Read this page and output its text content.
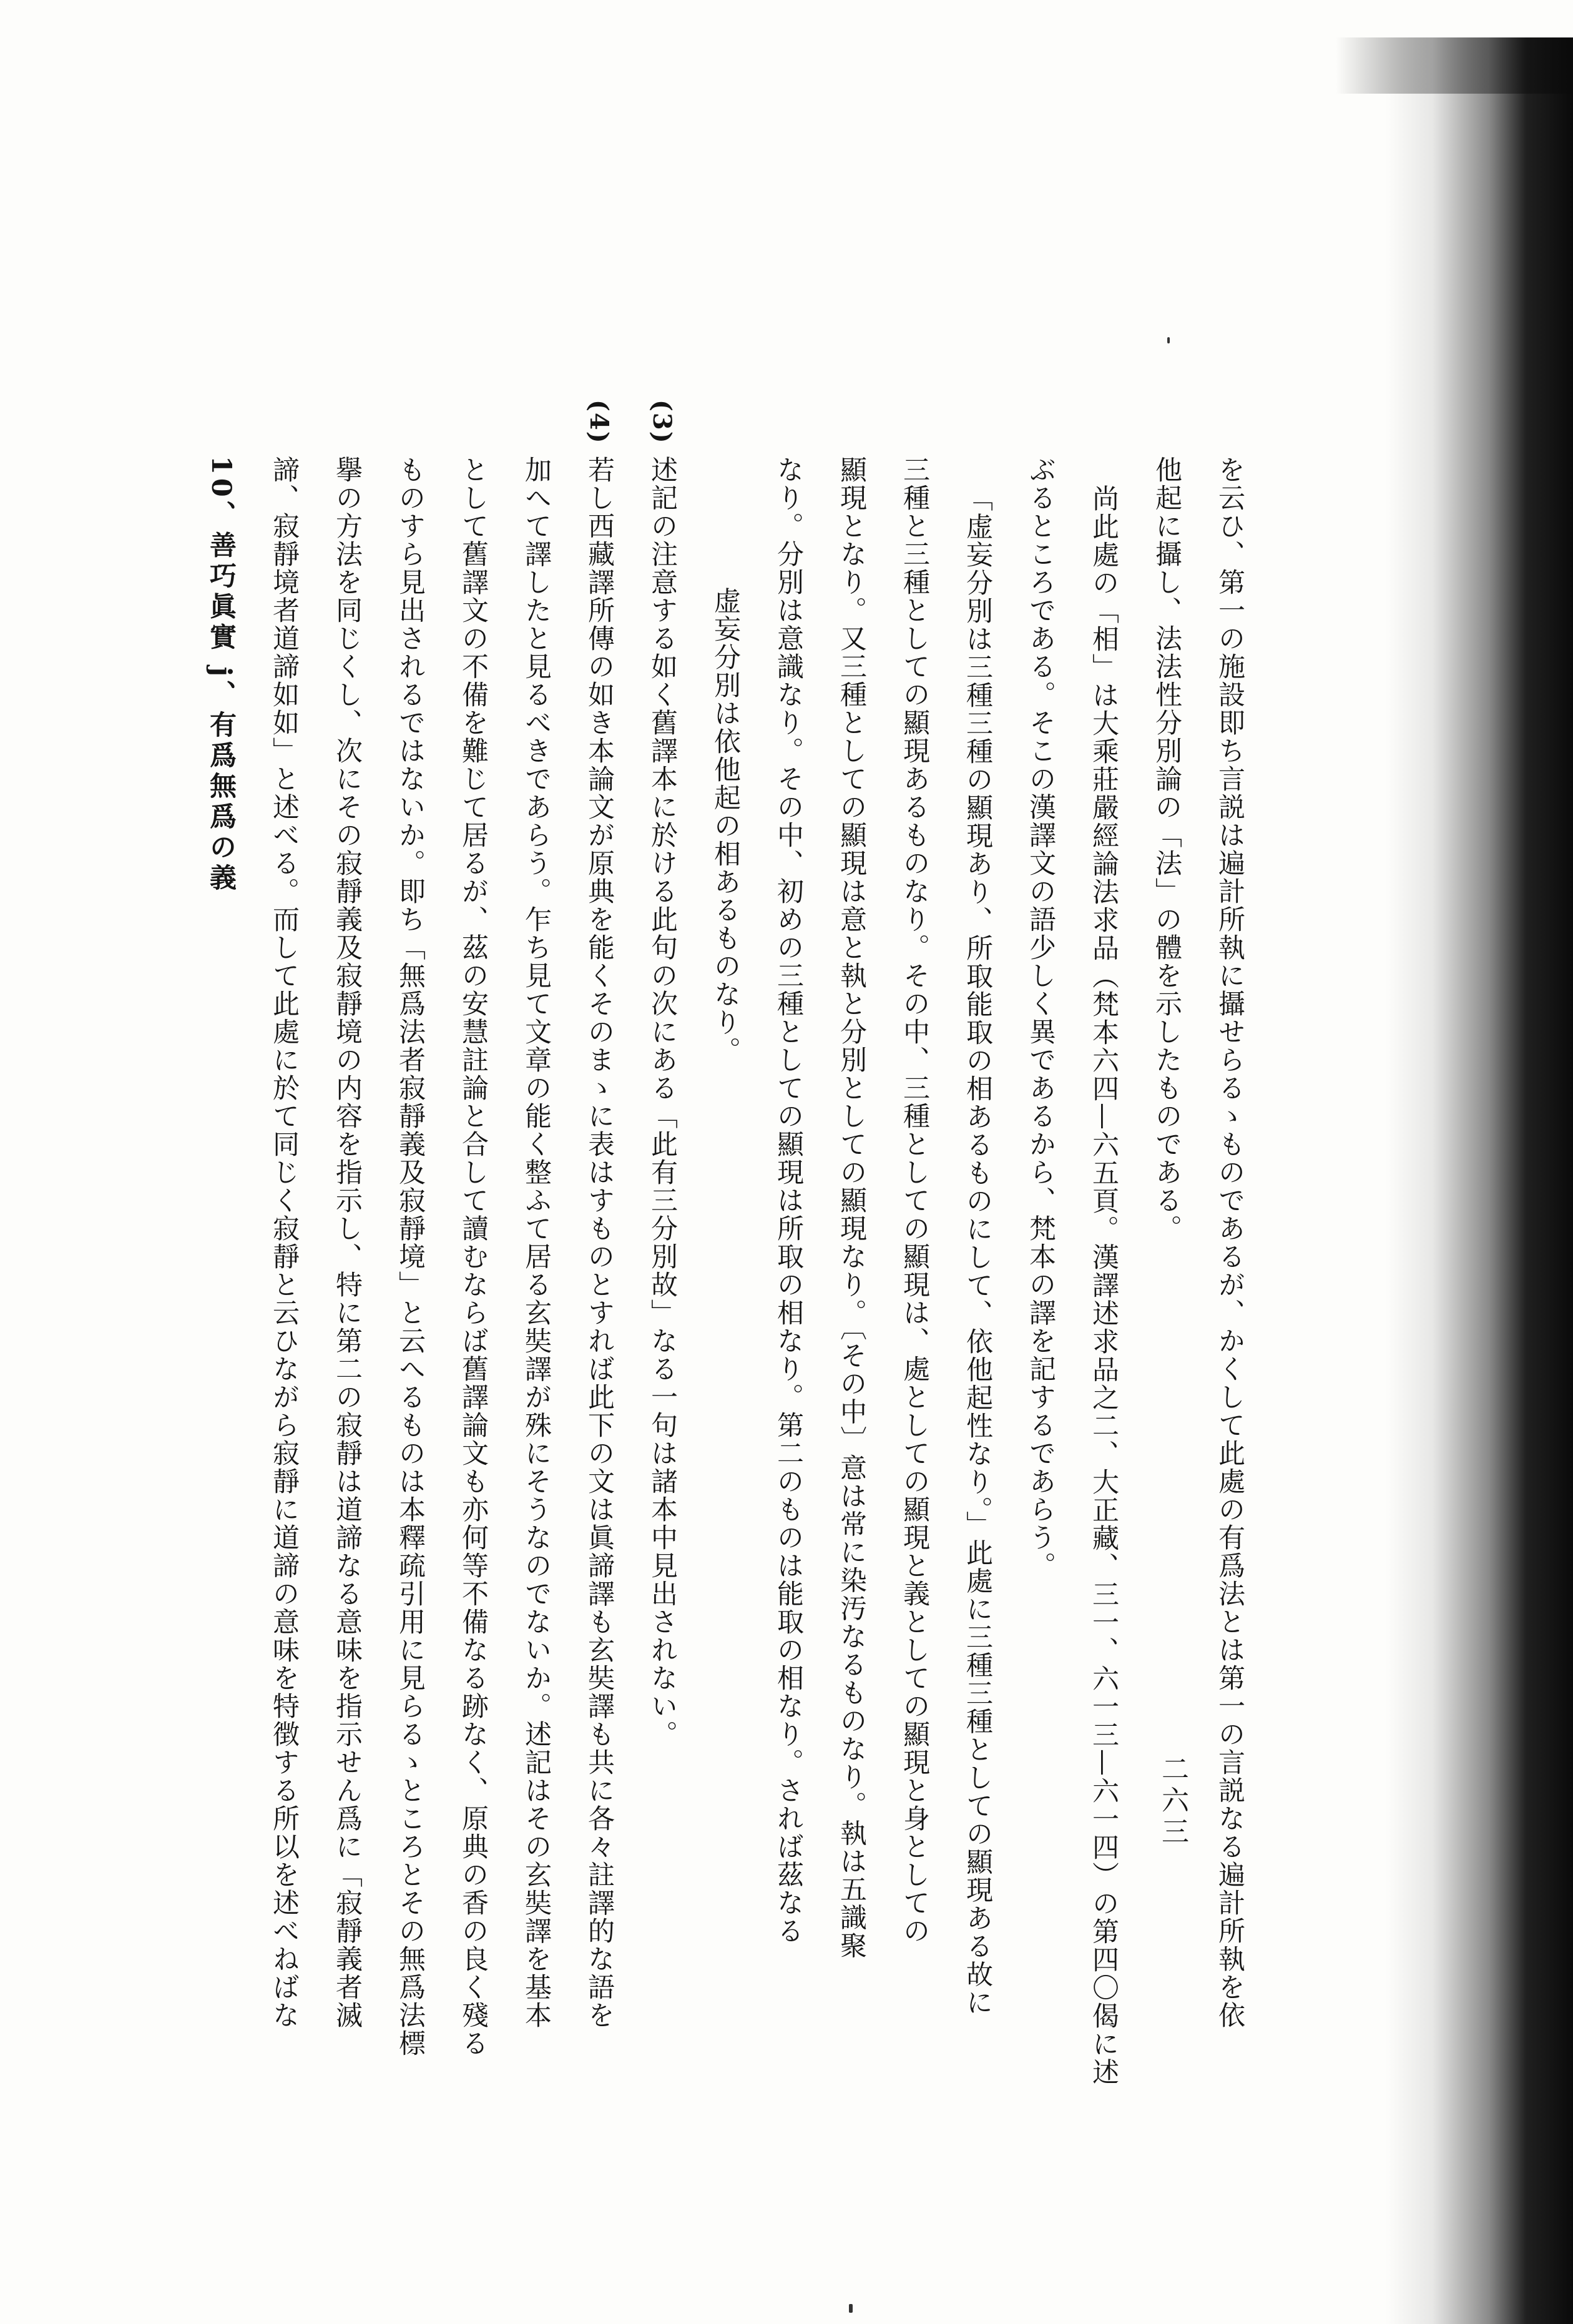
を云ひ、第一の施設即ち言説は遍計所執に攝せらるゝものであるが、かくして此處の有爲法とは第一の言説なる遍計所執を依

他起に攝し、法法性分別論の「法」の體を示したものである。

尚此處の「相」は大乘莊嚴經論法求品（梵本六四—六五頁。漢譯述求品之二、大正藏、三一、六一三—六一四）の第四〇偈に述

ぶるところである。そこの漢譯文の語少しく異であるから、梵本の譯を記するであらう。

「虚妄分別は三種三種の顯現あり、所取能取の相あるものにして、依他起性なり。」此處に三種三種としての顯現ある故に

三種と三種としての顯現あるものなり。その中、三種としての顯現は、處としての顯現と義としての顯現と身としての

顯現となり。又三種としての顯現は意と執と分別としての顯現なり。〔その中〕意は常に染汚なるものなり。執は五識聚

なり。分別は意識なり。その中、初めの三種としての顯現は所取の相なり。第二のものは能取の相なり。されば茲なる

虚妄分別は依他起の相あるものなり。

(3)
述記の注意する如く舊譯本に於ける此句の次にある「此有三分別故」なる一句は諸本中見出されない。

(4)
若し西藏譯所傳の如き本論文が原典を能くそのまゝに表はすものとすれば此下の文は眞諦譯も玄奘譯も共に各々註譯的な語を

加へて譯したと見るべきであらう。乍ち見て文章の能く整ふて居る玄奘譯が殊にそうなのでないか。述記はその玄奘譯を基本

として舊譯文の不備を難じて居るが、茲の安慧註論と合して讀むならば舊譯論文も亦何等不備なる跡なく、原典の香の良く殘る

ものすら見出されるではないか。即ち「無爲法者寂靜義及寂靜境」と云へるものは本釋疏引用に見らるゝところとその無爲法標

擧の方法を同じくし、次にその寂靜義及寂靜境の内容を指示し、特に第二の寂靜は道諦なる意味を指示せん爲に「寂靜義者滅

諦、寂靜境者道諦如如」と述べる。而して此處に於て同じく寂靜と云ひながら寂靜に道諦の意味を特徴する所以を述べねばな

10、善巧眞實 j、有爲無爲の義

二六三
